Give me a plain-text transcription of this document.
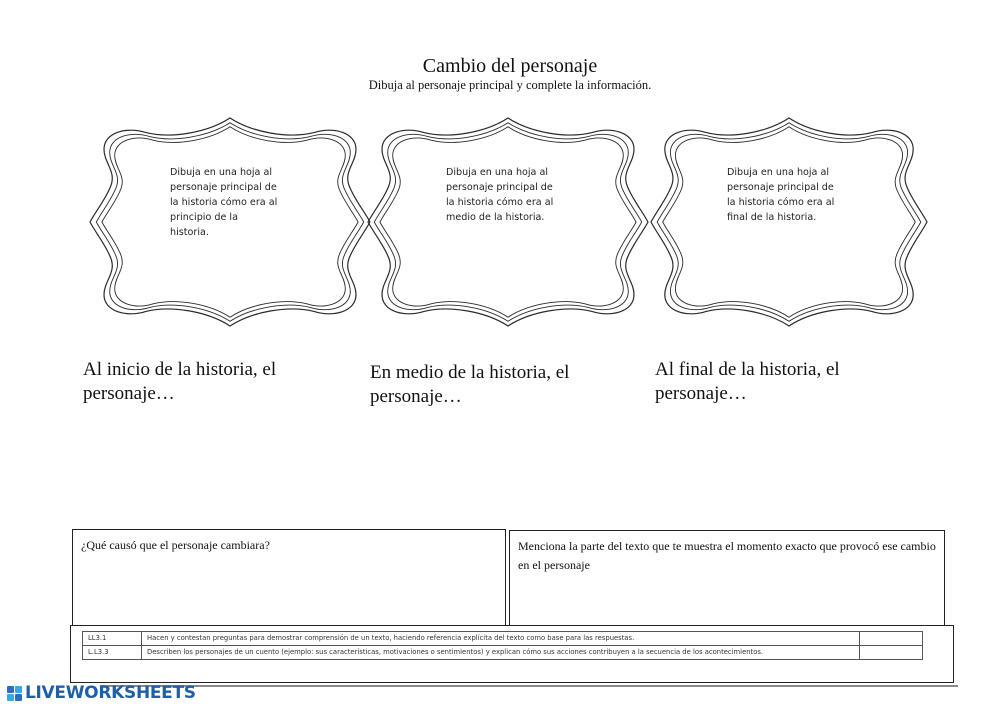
Cambio del personaje
Dibuja al personaje principal y complete la información.
Dibuja en una hoja al
personaje principal de
la historia cómo era al
principio de la
historia.
Dibuja en una hoja al
personaje principal de
la historia cómo era al
medio de la historia.
Dibuja en una hoja al
personaje principal de
la historia cómo era al
final de la historia.
Al inicio de la historia, el
personaje…
En medio de la historia, el
personaje…
Al final de la historia, el
personaje…
¿Qué causó que el personaje cambiara?	Menciona la parte del texto que te muestra el momento exacto que provocó ese cambio en el personaje
LL3.1	Hacen y contestan preguntas para demostrar comprensión de un texto, haciendo referencia explícita del texto como base para las respuestas.	
L.L3.3	Describen los personajes de un cuento (ejemplo: sus características, motivaciones o sentimientos) y explican cómo sus acciones contribuyen a la secuencia de los acontecimientos.	
LIVEWORKSHEETS
